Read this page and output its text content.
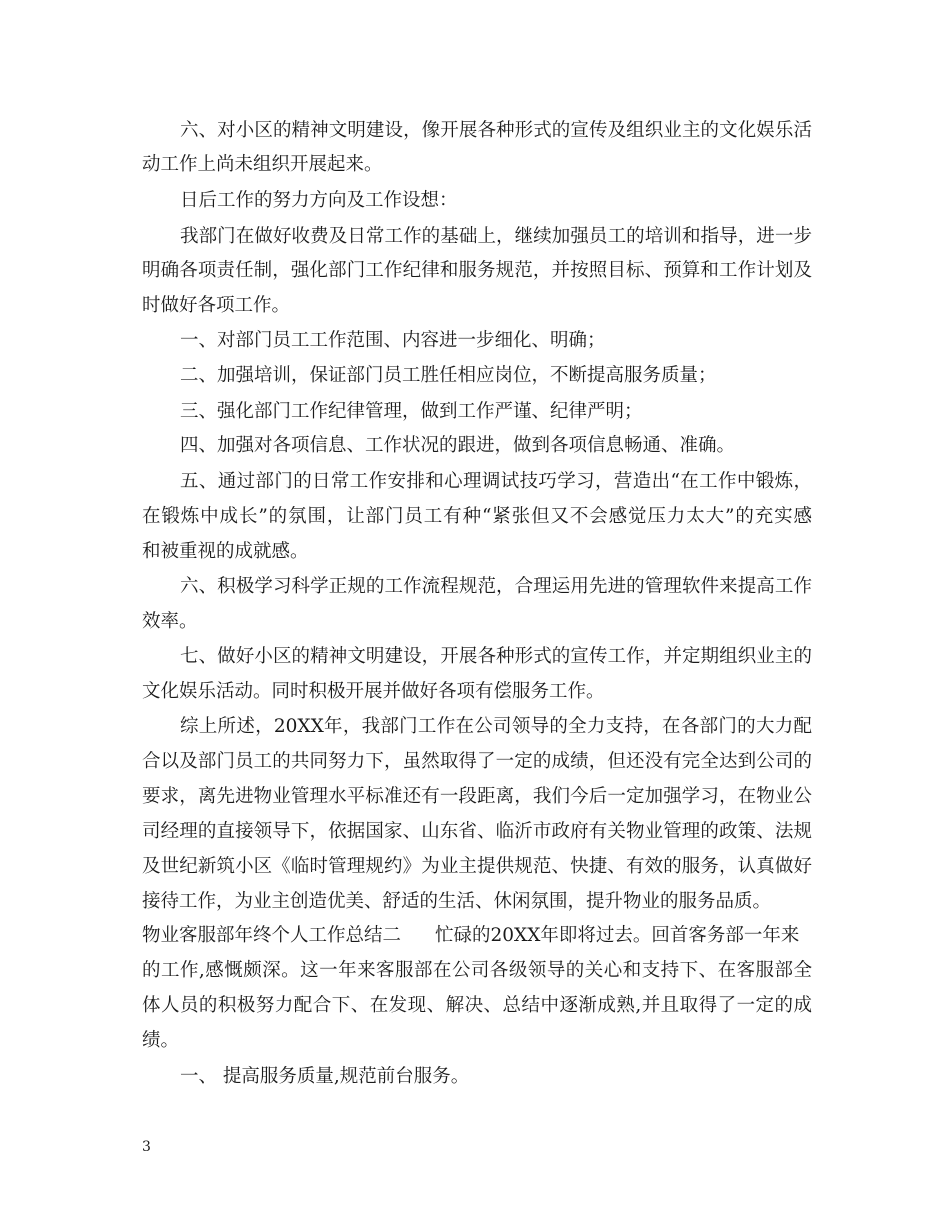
六、对小区的精神文明建设，像开展各种形式的宣传及组织业主的文化娱乐活
动工作上尚未组织开展起来。
日后工作的努力方向及工作设想：
我部门在做好收费及日常工作的基础上，继续加强员工的培训和指导，进一步
明确各项责任制，强化部门工作纪律和服务规范，并按照目标、预算和工作计划及
时做好各项工作。
一、对部门员工工作范围、内容进一步细化、明确；
二、加强培训，保证部门员工胜任相应岗位，不断提高服务质量；
三、强化部门工作纪律管理，做到工作严谨、纪律严明；
四、加强对各项信息、工作状况的跟进，做到各项信息畅通、准确。
五、通过部门的日常工作安排和心理调试技巧学习，营造出“在工作中锻炼，
在锻炼中成长”的氛围，让部门员工有种“紧张但又不会感觉压力太大”的充实感
和被重视的成就感。
六、积极学习科学正规的工作流程规范，合理运用先进的管理软件来提高工作
效率。
七、做好小区的精神文明建设，开展各种形式的宣传工作，并定期组织业主的
文化娱乐活动。同时积极开展并做好各项有偿服务工作。
综上所述，20XX年，我部门工作在公司领导的全力支持，在各部门的大力配
合以及部门员工的共同努力下，虽然取得了一定的成绩，但还没有完全达到公司的
要求，离先进物业管理水平标准还有一段距离，我们今后一定加强学习，在物业公
司经理的直接领导下，依据国家、山东省、临沂市政府有关物业管理的政策、法规
及世纪新筑小区《临时管理规约》为业主提供规范、快捷、有效的服务，认真做好
接待工作，为业主创造优美、舒适的生活、休闲氛围，提升物业的服务品质。
物业客服部年终个人工作总结二 忙碌的20XX年即将过去。回首客务部一年来
的工作,感慨颇深。这一年来客服部在公司各级领导的关心和支持下、在客服部全
体人员的积极努力配合下、在发现、解决、总结中逐渐成熟,并且取得了一定的成
绩。
一、 提高服务质量,规范前台服务。
3
